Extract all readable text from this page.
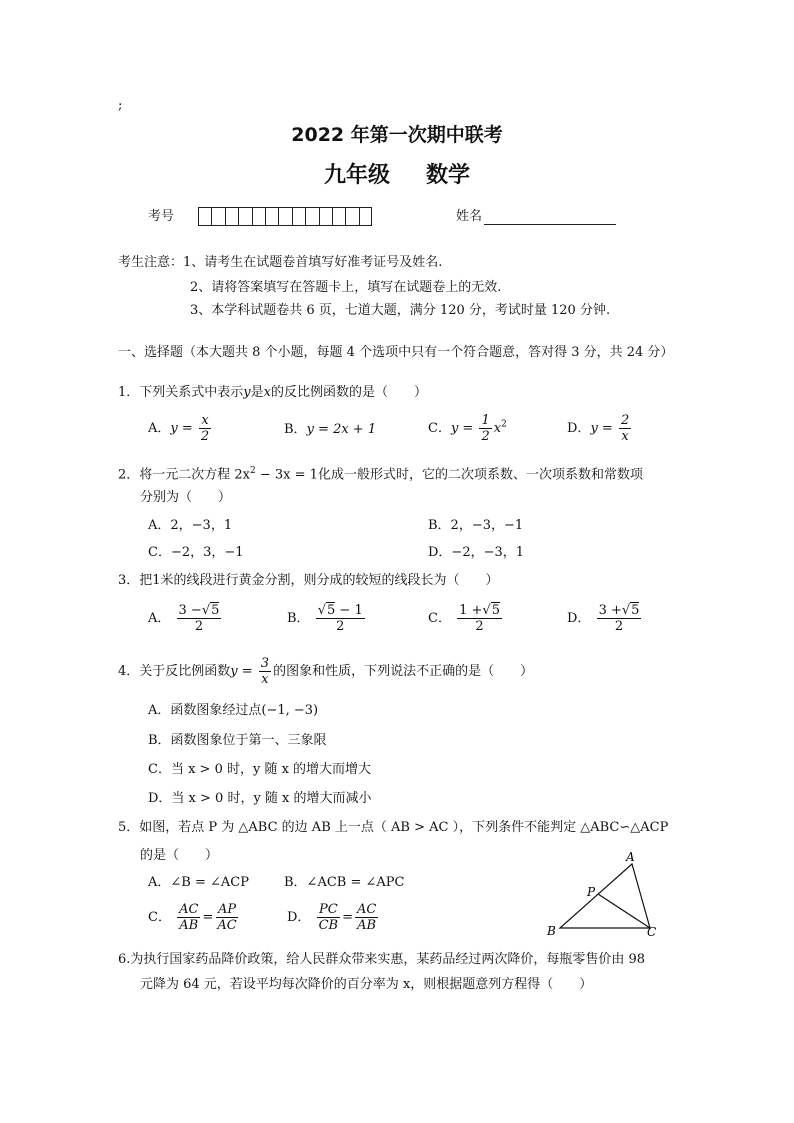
;
2022 年第一次期中联考
九年级 数学
考号	姓名
考生注意：1、请考生在试题卷首填写好准考证号及姓名.
2、请将答案填写在答题卡上，填写在试题卷上的无效.
3、本学科试题卷共 6 页，七道大题，满分 120 分，考试时量 120 分钟.
一、选择题（本大题共 8 个小题，每题 4 个选项中只有一个符合题意，答对得 3 分，共 24 分）
1．下列关系式中表示y是x的反比例函数的是（　　）
A．$y = \frac{x}{2}$	B．y = 2x + 1	C．$y = \frac{1}{2} x^2$	D．$y = \frac{2}{x}$
2．将一元二次方程 $2x^2 - 3x = 1$化成一般形式时，它的二次项系数、一次项系数和常数项
分别为（　　）
A．2，−3，1	B．2，−3，−1
C．−2，3，−1	D．−2，−3，1
3．把1米的线段进行黄金分割，则分成的较短的线段长为（　　）
A． $\frac{3 -√5}{2}$	B． $\frac{√5 - 1}{2}$	C． $\frac{1 +√5}{2}$	D． $\frac{3 +√5}{2}$
4．关于反比例函数$y = \frac{3}{x}$ 的图象和性质，下列说法不正确的是（　　）
A．函数图象经过点(−1, −3)
B．函数图象位于第一、三象限
C．当 x > 0 时，y 随 x 的增大而增大
D．当 x > 0 时，y 随 x 的增大而减小
5．如图，若点 P 为 △ABC 的边 AB 上一点（ AB > AC ），下列条件不能判定 △ABC∽△ACP
的是（　　）
A．∠B = ∠ACP	B．∠ACB = ∠APC
C． $\frac{AC}{AB} = \frac{AP}{AC}$	D． $\frac{PC}{CB} = \frac{AC}{AB}$
A
P
B	C
6.为执行国家药品降价政策，给人民群众带来实惠，某药品经过两次降价，每瓶零售价由 98
元降为 64 元，若设平均每次降价的百分率为 x，则根据题意列方程得（　　）
